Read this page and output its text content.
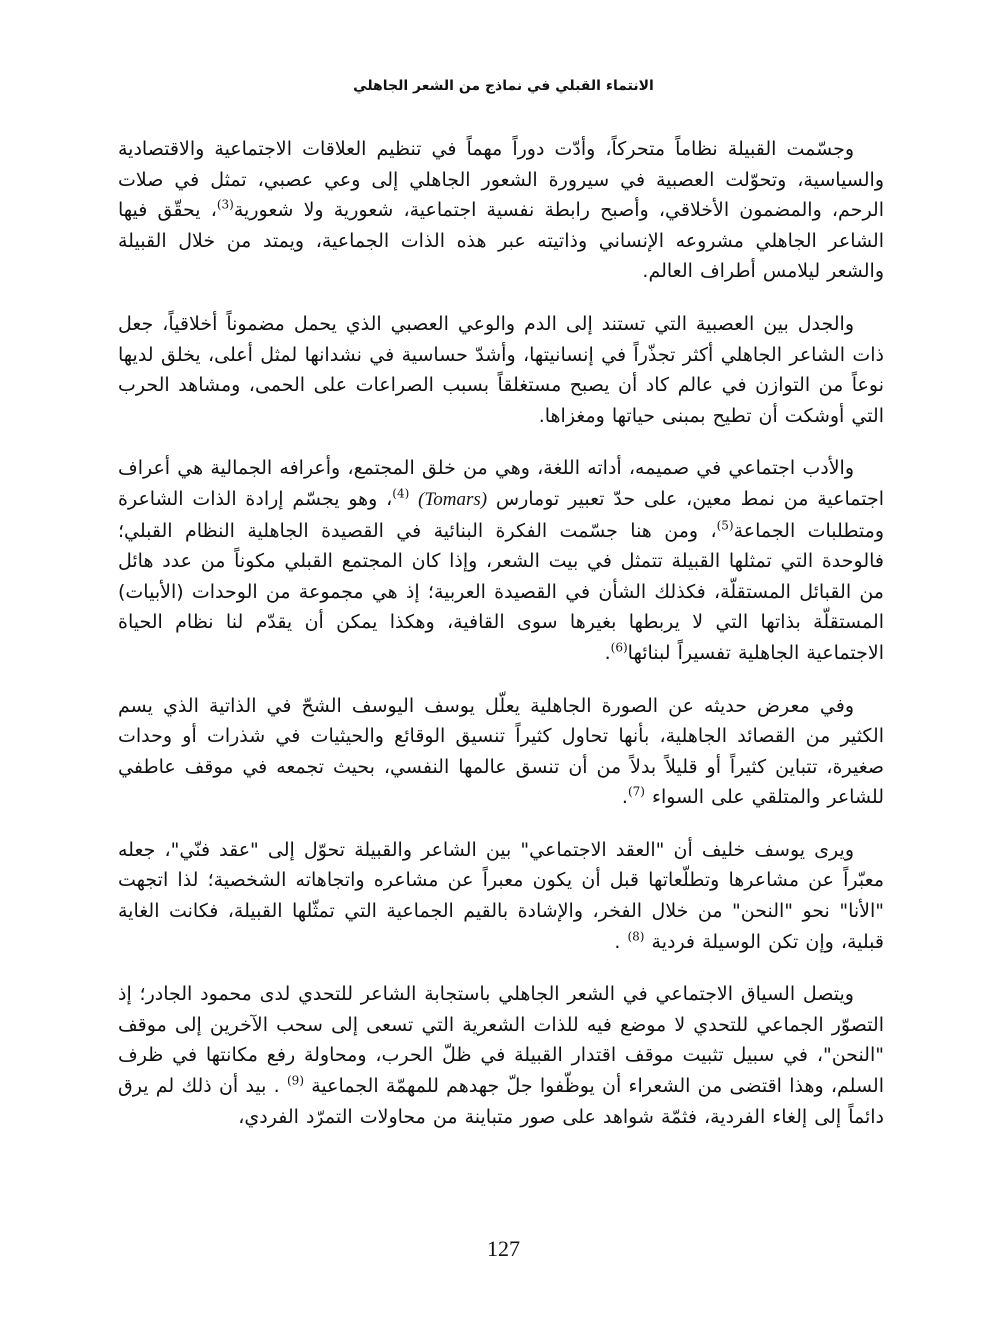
الانتماء القبلي في نماذج من الشعر الجاهلي

وجسّمت القبيلة نظاماً متحركاً، وأدّت دوراً مهماً في تنظيم العلاقات الاجتماعية والاقتصادية والسياسية، وتحوّلت العصبية في سيرورة الشعور الجاهلي إلى وعي عصبي، تمثل في صلات الرحم، والمضمون الأخلاقي، وأصبح رابطة نفسية اجتماعية، شعورية ولا شعورية$^{(3)}$، يحقّق فيها الشاعر الجاهلي مشروعه الإنساني وذاتيته عبر هذه الذات الجماعية، ويمتد من خلال القبيلة والشعر ليلامس أطراف العالم.

والجدل بين العصبية التي تستند إلى الدم والوعي العصبي الذي يحمل مضموناً أخلاقياً، جعل ذات الشاعر الجاهلي أكثر تجذّراً في إنسانيتها، وأشدّ حساسية في نشدانها لمثل أعلى، يخلق لديها نوعاً من التوازن في عالم كاد أن يصبح مستغلقاً بسبب الصراعات على الحمى، ومشاهد الحرب التي أوشكت أن تطيح بمبنى حياتها ومغزاها.

والأدب اجتماعي في صميمه، أداته اللغة، وهي من خلق المجتمع، وأعرافه الجمالية هي أعراف اجتماعية من نمط معين، على حدّ تعبير تومارس (Tomars) $^{(4)}$، وهو يجسّم إرادة الذات الشاعرة ومتطلبات الجماعة$^{(5)}$، ومن هنا جسّمت الفكرة البنائية في القصيدة الجاهلية النظام القبلي؛ فالوحدة التي تمثلها القبيلة تتمثل في بيت الشعر، وإذا كان المجتمع القبلي مكوناً من عدد هائل من القبائل المستقلّة، فكذلك الشأن في القصيدة العربية؛ إذ هي مجموعة من الوحدات (الأبيات) المستقلّة بذاتها التي لا يربطها بغيرها سوى القافية، وهكذا يمكن أن يقدّم لنا نظام الحياة الاجتماعية الجاهلية تفسيراً لبنائها$^{(6)}$.

وفي معرض حديثه عن الصورة الجاهلية يعلّل يوسف اليوسف الشحّ في الذاتية الذي يسم الكثير من القصائد الجاهلية، بأنها تحاول كثيراً تنسيق الوقائع والحيثيات في شذرات أو وحدات صغيرة، تتباين كثيراً أو قليلاً بدلاً من أن تنسق عالمها النفسي، بحيث تجمعه في موقف عاطفي للشاعر والمتلقي على السواء $^{(7)}$.

ويرى يوسف خليف أن "العقد الاجتماعي" بين الشاعر والقبيلة تحوّل إلى "عقد فنّي"، جعله معبّراً عن مشاعرها وتطلّعاتها قبل أن يكون معبراً عن مشاعره واتجاهاته الشخصية؛ لذا اتجهت "الأنا" نحو "النحن" من خلال الفخر، والإشادة بالقيم الجماعية التي تمثّلها القبيلة، فكانت الغاية قبلية، وإن تكن الوسيلة فردية $^{(8)}$ .

ويتصل السياق الاجتماعي في الشعر الجاهلي باستجابة الشاعر للتحدي لدى محمود الجادر؛ إذ التصوّر الجماعي للتحدي لا موضع فيه للذات الشعرية التي تسعى إلى سحب الآخرين إلى موقف "النحن"، في سبيل تثبيت موقف اقتدار القبيلة في ظلّ الحرب، ومحاولة رفع مكانتها في ظرف السلم، وهذا اقتضى من الشعراء أن يوظّفوا جلّ جهدهم للمهمّة الجماعية $^{(9)}$ . بيد أن ذلك لم يرق دائماً إلى إلغاء الفردية، فثمّة شواهد على صور متباينة من محاولات التمرّد الفردي،

127
